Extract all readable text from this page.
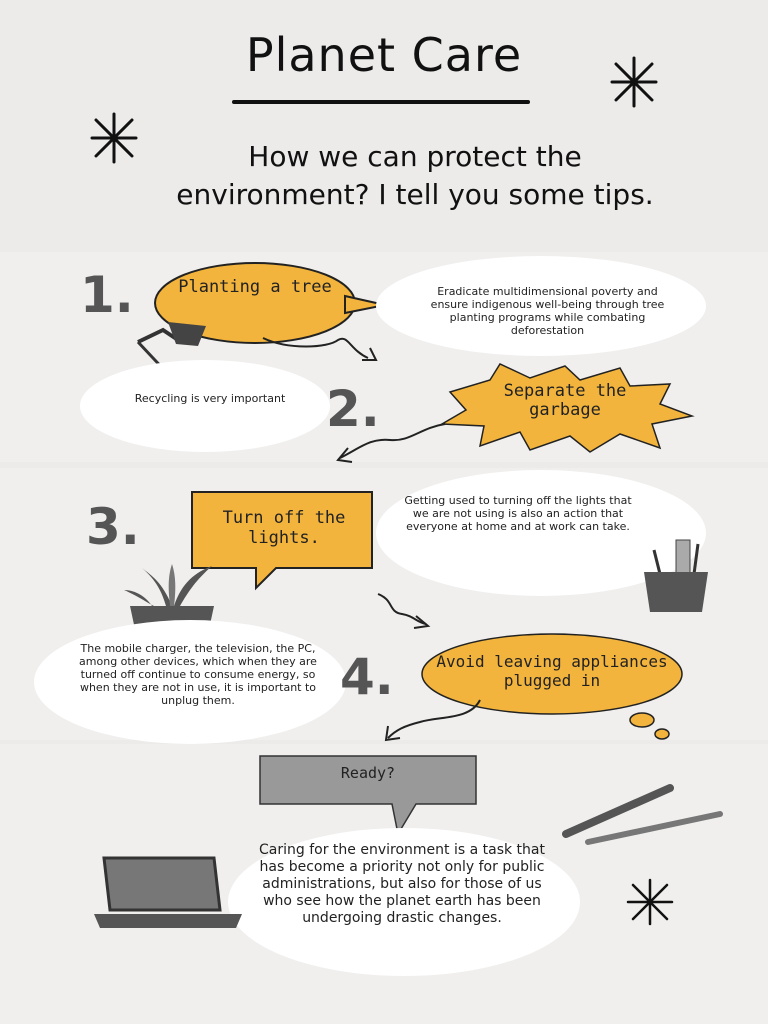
Planet Care
How we can protect the environment? I tell you some tips.
1.	Planting a tree	Eradicate multidimensional poverty and ensure indigenous well-being through tree planting programs while combating deforestation
Recycling is very important 2.	Separate the garbage
3.	Turn off the lights.
Getting used to turning off the lights that we are not using is also an action that everyone at home and at work can take.
The mobile charger, the television, the PC, among other devices, which when they are turned off continue to consume energy, so when they are not in use, it is important to unplug them.	4.	Avoid leaving appliances plugged in
Ready?
Caring for the environment is a task that has become a priority not only for public administrations, but also for those of us who see how the planet earth has been undergoing drastic changes.
